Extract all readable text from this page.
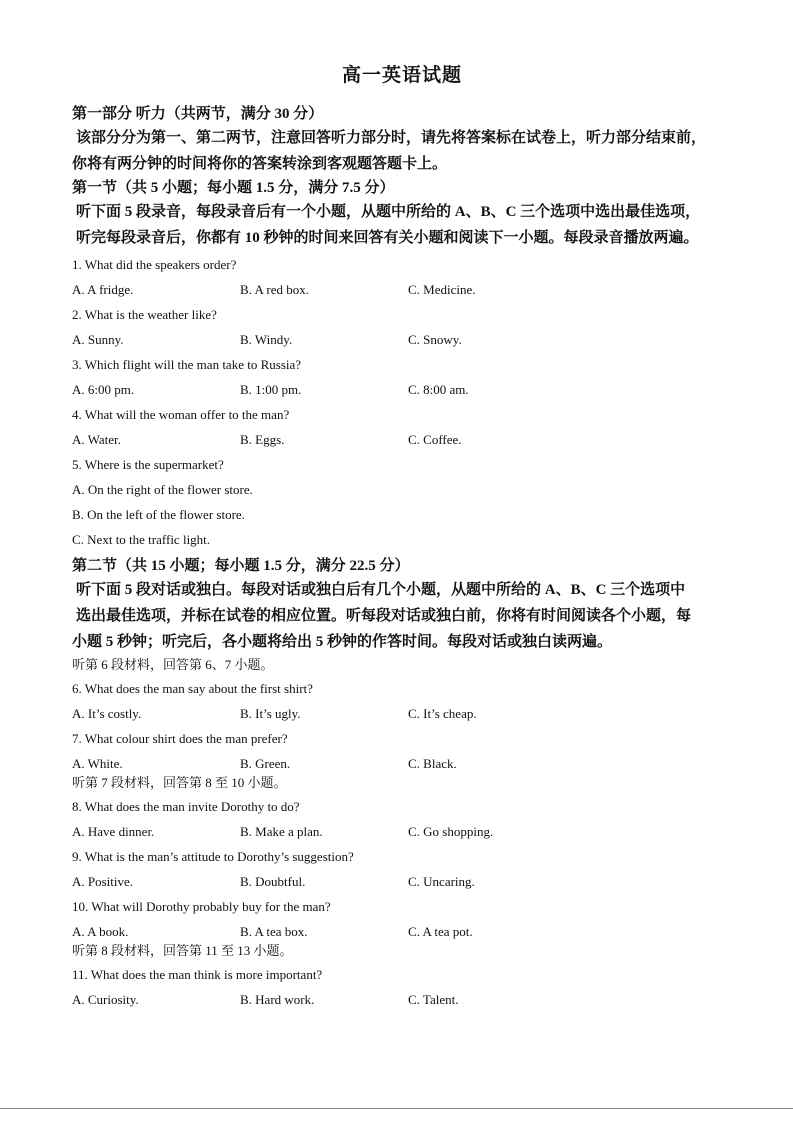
高一英语试题
第一部分 听力（共两节，满分 30 分）
该部分分为第一、第二两节，注意回答听力部分时，请先将答案标在试卷上，听力部分结束前，
你将有两分钟的时间将你的答案转涂到客观题答题卡上。
第一节（共 5 小题；每小题 1.5 分，满分 7.5 分）
听下面 5 段录音，每段录音后有一个小题，从题中所给的 A、B、C 三个选项中选出最佳选项，
听完每段录音后，你都有 10 秒钟的时间来回答有关小题和阅读下一小题。每段录音播放两遍。
1. What did the speakers order?
A. A fridge.	B. A red box.	C. Medicine.
2. What is the weather like?
A. Sunny.	B. Windy.	C. Snowy.
3. Which flight will the man take to Russia?
A. 6:00 pm.	B. 1:00 pm.	C. 8:00 am.
4. What will the woman offer to the man?
A. Water.	B. Eggs.	C. Coffee.
5. Where is the supermarket?
A. On the right of the flower store.
B. On the left of the flower store.
C. Next to the traffic light.
第二节（共 15 小题；每小题 1.5 分，满分 22.5 分）
听下面 5 段对话或独白。每段对话或独白后有几个小题，从题中所给的 A、B、C 三个选项中
选出最佳选项，并标在试卷的相应位置。听每段对话或独白前，你将有时间阅读各个小题，每
小题 5 秒钟；听完后，各小题将给出 5 秒钟的作答时间。每段对话或独白读两遍。
听第 6 段材料，回答第 6、7 小题。
6. What does the man say about the first shirt?
A. It’s costly.	B. It’s ugly.	C. It’s cheap.
7. What colour shirt does the man prefer?
A. White.	B. Green.	C. Black.
听第 7 段材料，回答第 8 至 10 小题。
8. What does the man invite Dorothy to do?
A. Have dinner.	B. Make a plan.	C. Go shopping.
9. What is the man’s attitude to Dorothy’s suggestion?
A. Positive.	B. Doubtful.	C. Uncaring.
10. What will Dorothy probably buy for the man?
A. A book.	B. A tea box.	C. A tea pot.
听第 8 段材料，回答第 11 至 13 小题。
11. What does the man think is more important?
A. Curiosity.	B. Hard work.	C. Talent.
